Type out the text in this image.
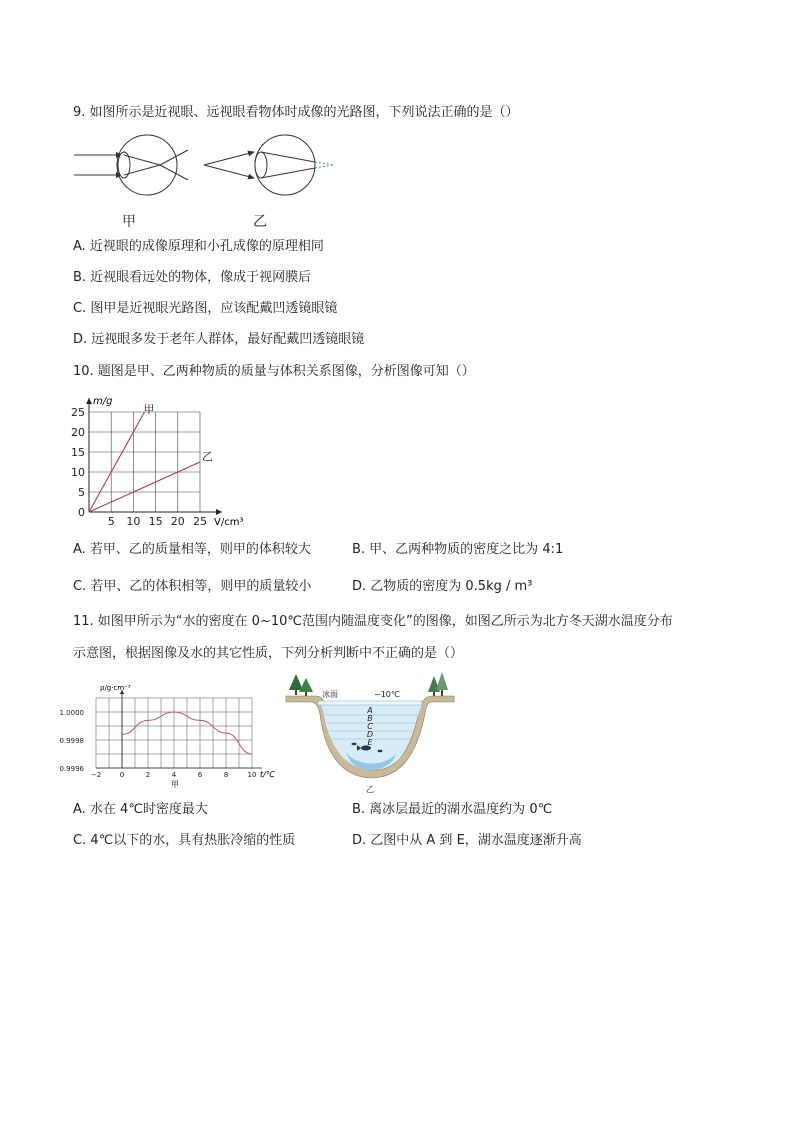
9. 如图所示是近视眼、远视眼看物体时成像的光路图，下列说法正确的是（）
甲	乙
A. 近视眼的成像原理和小孔成像的原理相同
B. 近视眼看远处的物体，像成于视网膜后
C. 图甲是近视眼光路图，应该配戴凹透镜眼镜
D. 远视眼多发于老年人群体，最好配戴凹透镜眼镜
10. 题图是甲、乙两种物质的质量与体积关系图像，分析图像可知（）
0
5
10
15
20
25
5 10 15 20 25
甲
乙
m/g
V/cm³
A. 若甲、乙的质量相等，则甲的体积较大	B. 甲、乙两种物质的密度之比为 4:1
C. 若甲、乙的体积相等，则甲的质量较小	D. 乙物质的密度为 0.5kg / m³
11. 如图甲所示为“水的密度在 0~10℃范围内随温度变化”的图像，如图乙所示为北方冬天湖水温度分布
示意图，根据图像及水的其它性质，下列分析判断中不正确的是（）
−2	0	2	4	6	8	10
0.9996
0.9998
1.0000
ρ/g·cm⁻³
t/℃
甲
冰面	−10℃
A
B
C
D
E
乙
A. 水在 4℃时密度最大	B. 离冰层最近的湖水温度约为 0℃
C. 4℃以下的水，具有热胀冷缩的性质	D. 乙图中从 A 到 E，湖水温度逐渐升高
